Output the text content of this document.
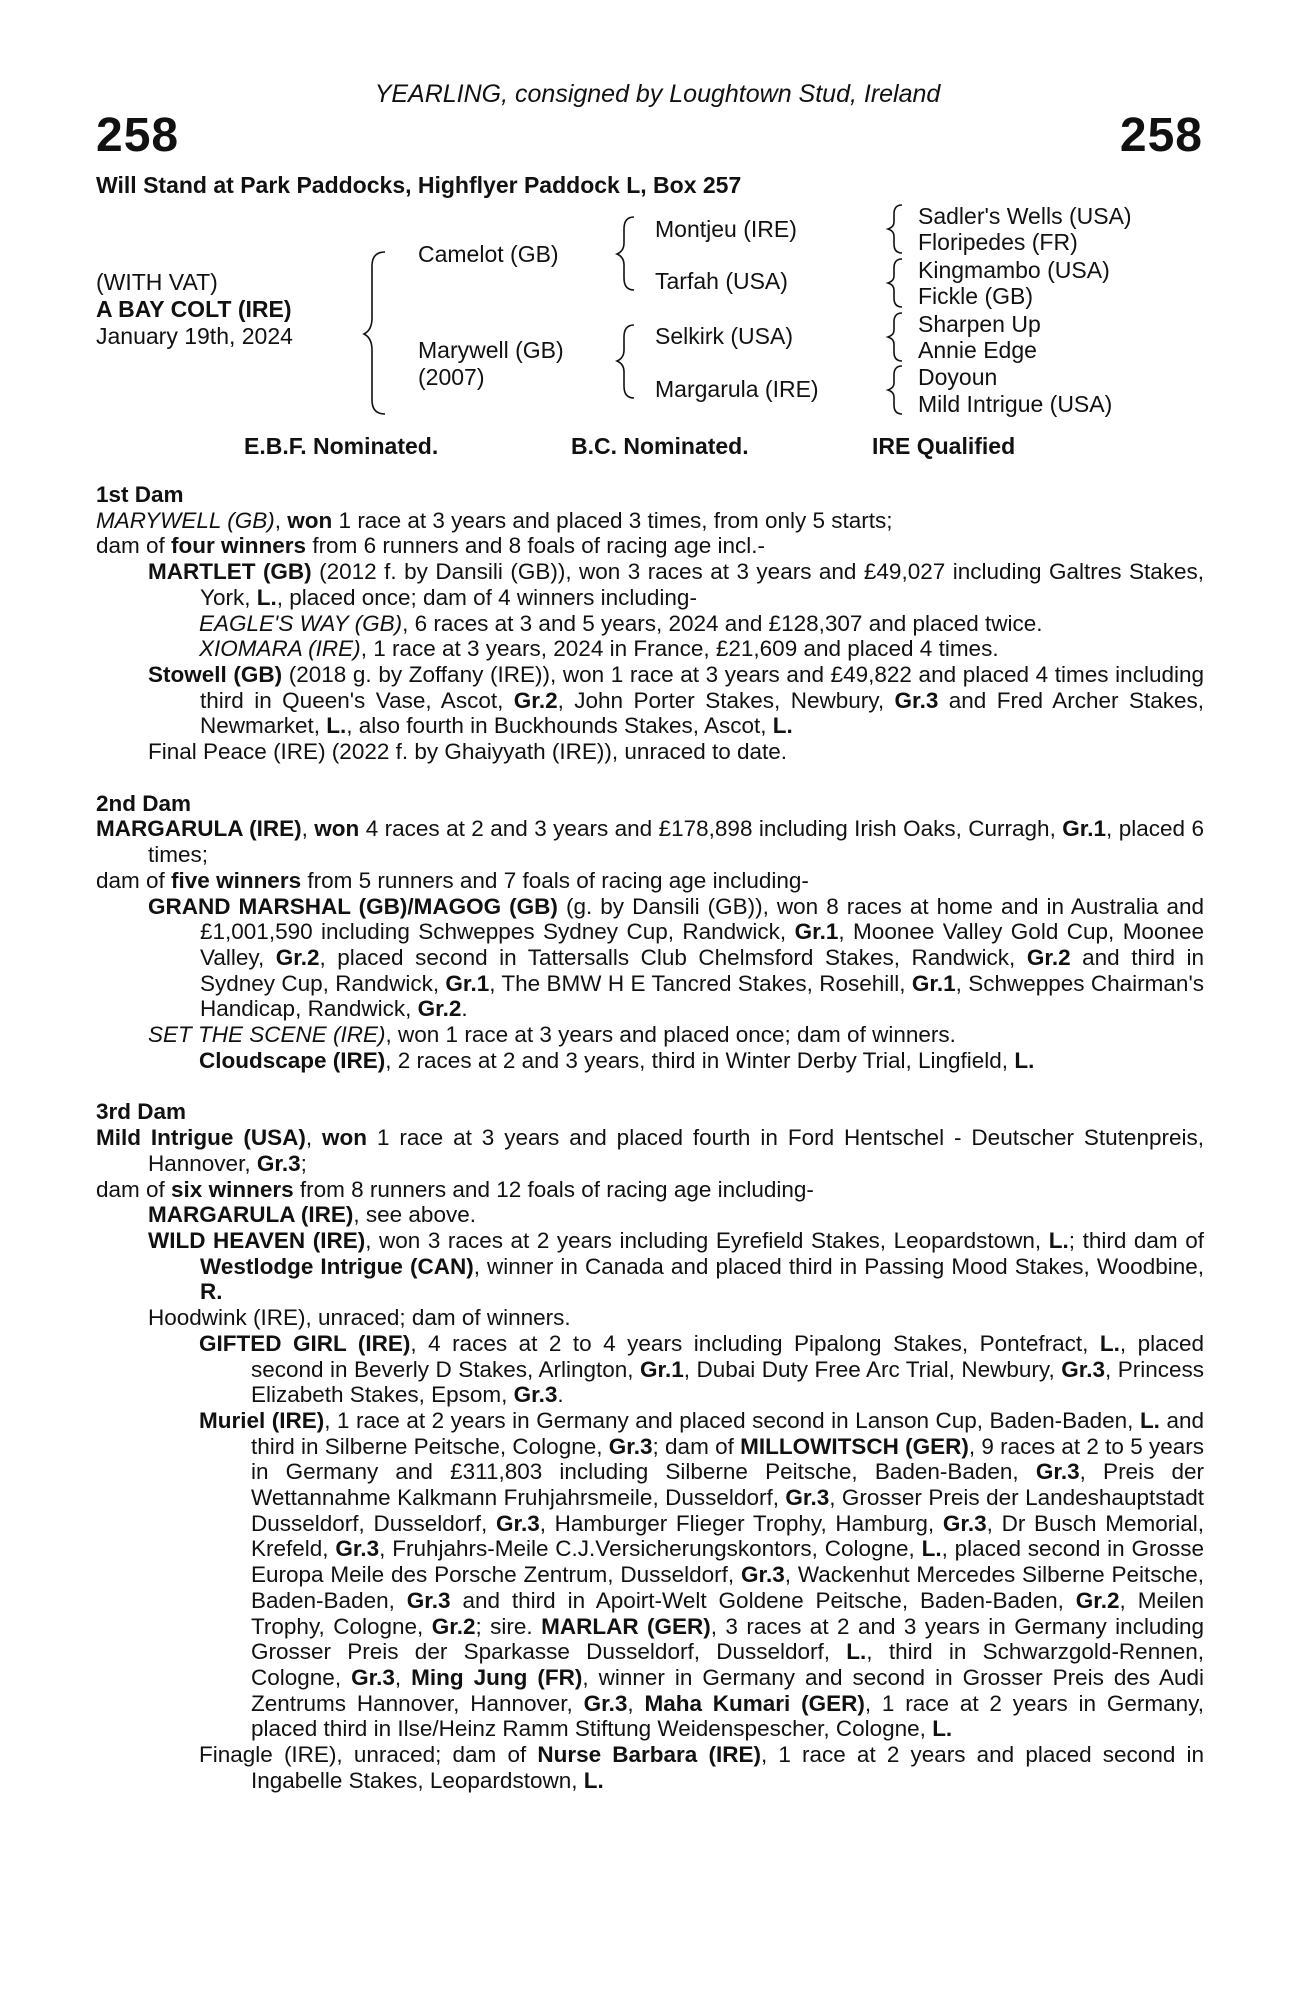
YEARLING, consigned by Loughtown Stud, Ireland
258	258
Will Stand at Park Paddocks, Highflyer Paddock L, Box 257
(WITH VAT)
A BAY COLT (IRE)
January 19th, 2024
Camelot (GB)
Marywell (GB)
(2007)
Montjeu (IRE)
Tarfah (USA)
Selkirk (USA)
Margarula (IRE)
Sadler's Wells (USA)
Floripedes (FR)
Kingmambo (USA)
Fickle (GB)
Sharpen Up
Annie Edge
Doyoun
Mild Intrigue (USA)
E.B.F. Nominated.	B.C. Nominated.	IRE Qualified
1st Dam
MARYWELL (GB), won 1 race at 3 years and placed 3 times, from only 5 starts;
dam of four winners from 6 runners and 8 foals of racing age incl.-
MARTLET (GB) (2012 f. by Dansili (GB)), won 3 races at 3 years and £49,027 including Galtres Stakes, York, L., placed once; dam of 4 winners including-
EAGLE'S WAY (GB), 6 races at 3 and 5 years, 2024 and £128,307 and placed twice.
XIOMARA (IRE), 1 race at 3 years, 2024 in France, £21,609 and placed 4 times.
Stowell (GB) (2018 g. by Zoffany (IRE)), won 1 race at 3 years and £49,822 and placed 4 times including third in Queen's Vase, Ascot, Gr.2, John Porter Stakes, Newbury, Gr.3 and Fred Archer Stakes, Newmarket, L., also fourth in Buckhounds Stakes, Ascot, L.
Final Peace (IRE) (2022 f. by Ghaiyyath (IRE)), unraced to date.
2nd Dam
MARGARULA (IRE), won 4 races at 2 and 3 years and £178,898 including Irish Oaks, Curragh, Gr.1, placed 6 times;
dam of five winners from 5 runners and 7 foals of racing age including-
GRAND MARSHAL (GB)/MAGOG (GB) (g. by Dansili (GB)), won 8 races at home and in Australia and £1,001,590 including Schweppes Sydney Cup, Randwick, Gr.1, Moonee Valley Gold Cup, Moonee Valley, Gr.2, placed second in Tattersalls Club Chelmsford Stakes, Randwick, Gr.2 and third in Sydney Cup, Randwick, Gr.1, The BMW H E Tancred Stakes, Rosehill, Gr.1, Schweppes Chairman's Handicap, Randwick, Gr.2.
SET THE SCENE (IRE), won 1 race at 3 years and placed once; dam of winners.
Cloudscape (IRE), 2 races at 2 and 3 years, third in Winter Derby Trial, Lingfield, L.
3rd Dam
Mild Intrigue (USA), won 1 race at 3 years and placed fourth in Ford Hentschel - Deutscher Stutenpreis, Hannover, Gr.3;
dam of six winners from 8 runners and 12 foals of racing age including-
MARGARULA (IRE), see above.
WILD HEAVEN (IRE), won 3 races at 2 years including Eyrefield Stakes, Leopardstown, L.; third dam of Westlodge Intrigue (CAN), winner in Canada and placed third in Passing Mood Stakes, Woodbine, R.
Hoodwink (IRE), unraced; dam of winners.
GIFTED GIRL (IRE), 4 races at 2 to 4 years including Pipalong Stakes, Pontefract, L., placed second in Beverly D Stakes, Arlington, Gr.1, Dubai Duty Free Arc Trial, Newbury, Gr.3, Princess Elizabeth Stakes, Epsom, Gr.3.
Muriel (IRE), 1 race at 2 years in Germany and placed second in Lanson Cup, Baden-Baden, L. and third in Silberne Peitsche, Cologne, Gr.3; dam of MILLOWITSCH (GER), 9 races at 2 to 5 years in Germany and £311,803 including Silberne Peitsche, Baden-Baden, Gr.3, Preis der Wettannahme Kalkmann Fruhjahrsmeile, Dusseldorf, Gr.3, Grosser Preis der Landeshauptstadt Dusseldorf, Dusseldorf, Gr.3, Hamburger Flieger Trophy, Hamburg, Gr.3, Dr Busch Memorial, Krefeld, Gr.3, Fruhjahrs-Meile C.J.Versicherungskontors, Cologne, L., placed second in Grosse Europa Meile des Porsche Zentrum, Dusseldorf, Gr.3, Wackenhut Mercedes Silberne Peitsche, Baden-Baden, Gr.3 and third in Apoirt-Welt Goldene Peitsche, Baden-Baden, Gr.2, Meilen Trophy, Cologne, Gr.2; sire. MARLAR (GER), 3 races at 2 and 3 years in Germany including Grosser Preis der Sparkasse Dusseldorf, Dusseldorf, L., third in Schwarzgold-Rennen, Cologne, Gr.3, Ming Jung (FR), winner in Germany and second in Grosser Preis des Audi Zentrums Hannover, Hannover, Gr.3, Maha Kumari (GER), 1 race at 2 years in Germany, placed third in Ilse/Heinz Ramm Stiftung Weidenspescher, Cologne, L.
Finagle (IRE), unraced; dam of Nurse Barbara (IRE), 1 race at 2 years and placed second in Ingabelle Stakes, Leopardstown, L.
